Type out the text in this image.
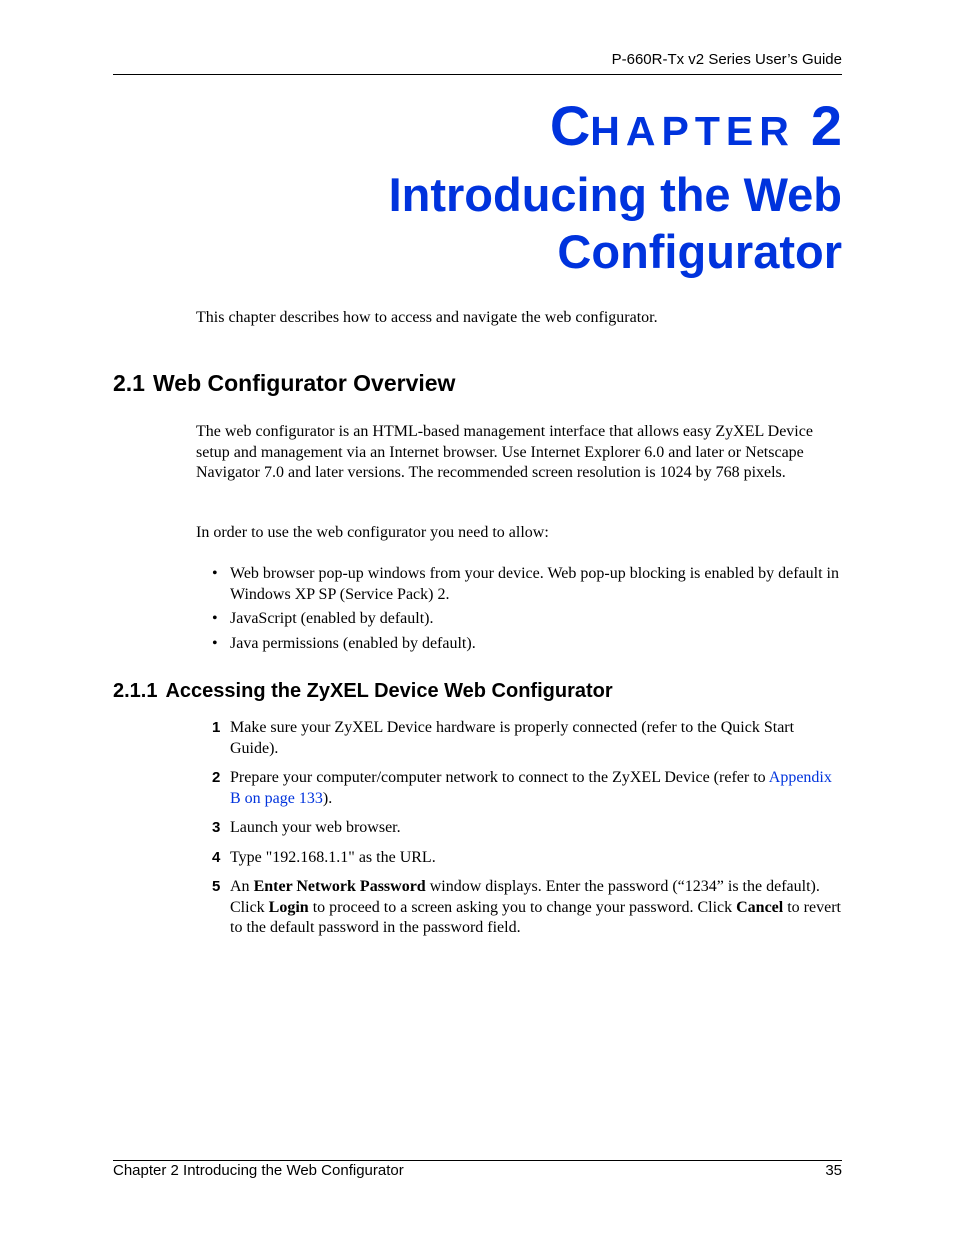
P-660R-Tx v2 Series User’s Guide
CHAPTER 2
Introducing the Web
Configurator
This chapter describes how to access and navigate the web configurator.
2.1 Web Configurator Overview
The web configurator is an HTML-based management interface that allows easy ZyXEL Device setup and management via an Internet browser. Use Internet Explorer 6.0 and later or Netscape Navigator 7.0 and later versions. The recommended screen resolution is 1024 by 768 pixels.
In order to use the web configurator you need to allow:
• Web browser pop-up windows from your device. Web pop-up blocking is enabled by default in Windows XP SP (Service Pack) 2.
• JavaScript (enabled by default).
• Java permissions (enabled by default).
2.1.1 Accessing the ZyXEL Device Web Configurator
1 Make sure your ZyXEL Device hardware is properly connected (refer to the Quick Start Guide).
2 Prepare your computer/computer network to connect to the ZyXEL Device (refer to Appendix B on page 133).
3 Launch your web browser.
4 Type "192.168.1.1" as the URL.
5 An Enter Network Password window displays. Enter the password (“1234” is the default). Click Login to proceed to a screen asking you to change your password. Click Cancel to revert to the default password in the password field.
Chapter 2 Introducing the Web Configurator	35
